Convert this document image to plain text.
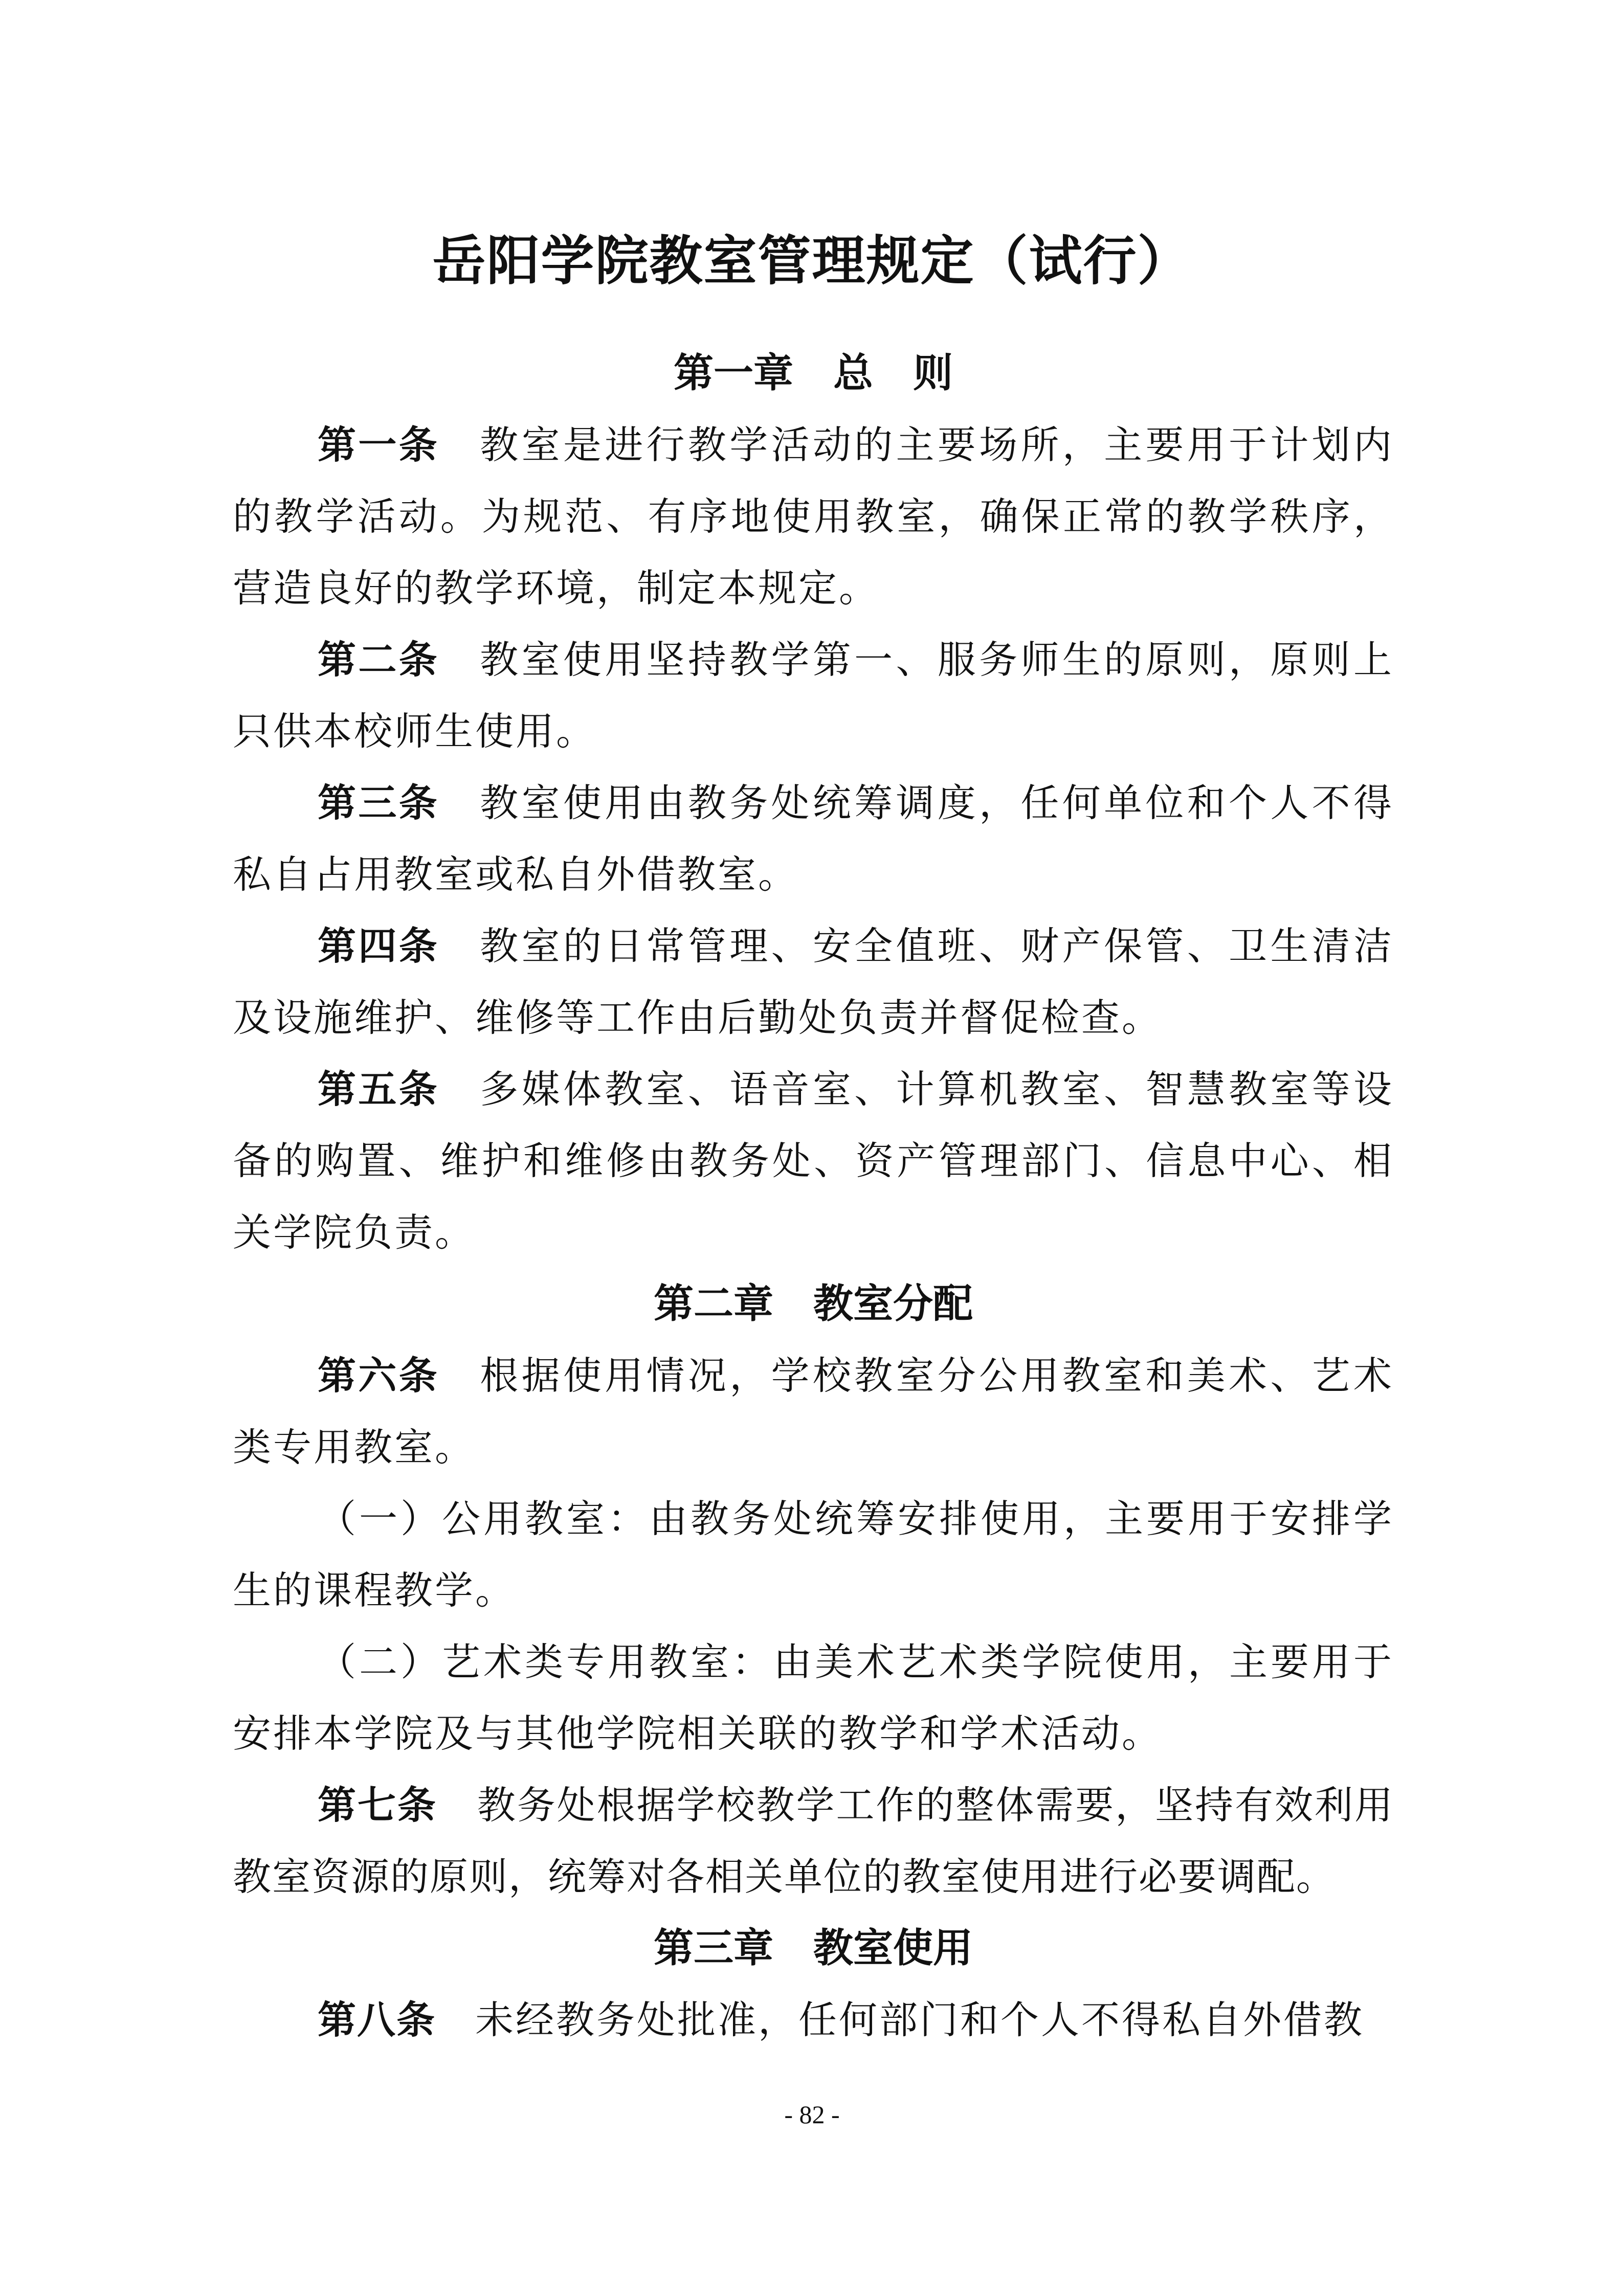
岳阳学院教室管理规定（试行）
第一章　总　则

第一条　教室是进行教学活动的主要场所，主要用于计划内的教学活动。为规范、有序地使用教室，确保正常的教学秩序，营造良好的教学环境，制定本规定。

第二条　教室使用坚持教学第一、服务师生的原则，原则上只供本校师生使用。

第三条　教室使用由教务处统筹调度，任何单位和个人不得私自占用教室或私自外借教室。

第四条　教室的日常管理、安全值班、财产保管、卫生清洁及设施维护、维修等工作由后勤处负责并督促检查。

第五条　多媒体教室、语音室、计算机教室、智慧教室等设备的购置、维护和维修由教务处、资产管理部门、信息中心、相关学院负责。

第二章　教室分配

第六条　根据使用情况，学校教室分公用教室和美术、艺术类专用教室。

（一）公用教室：由教务处统筹安排使用，主要用于安排学生的课程教学。

（二）艺术类专用教室：由美术艺术类学院使用，主要用于安排本学院及与其他学院相关联的教学和学术活动。

第七条　教务处根据学校教学工作的整体需要，坚持有效利用教室资源的原则，统筹对各相关单位的教室使用进行必要调配。

第三章　教室使用

第八条　未经教务处批准，任何部门和个人不得私自外借教

- 82 -
